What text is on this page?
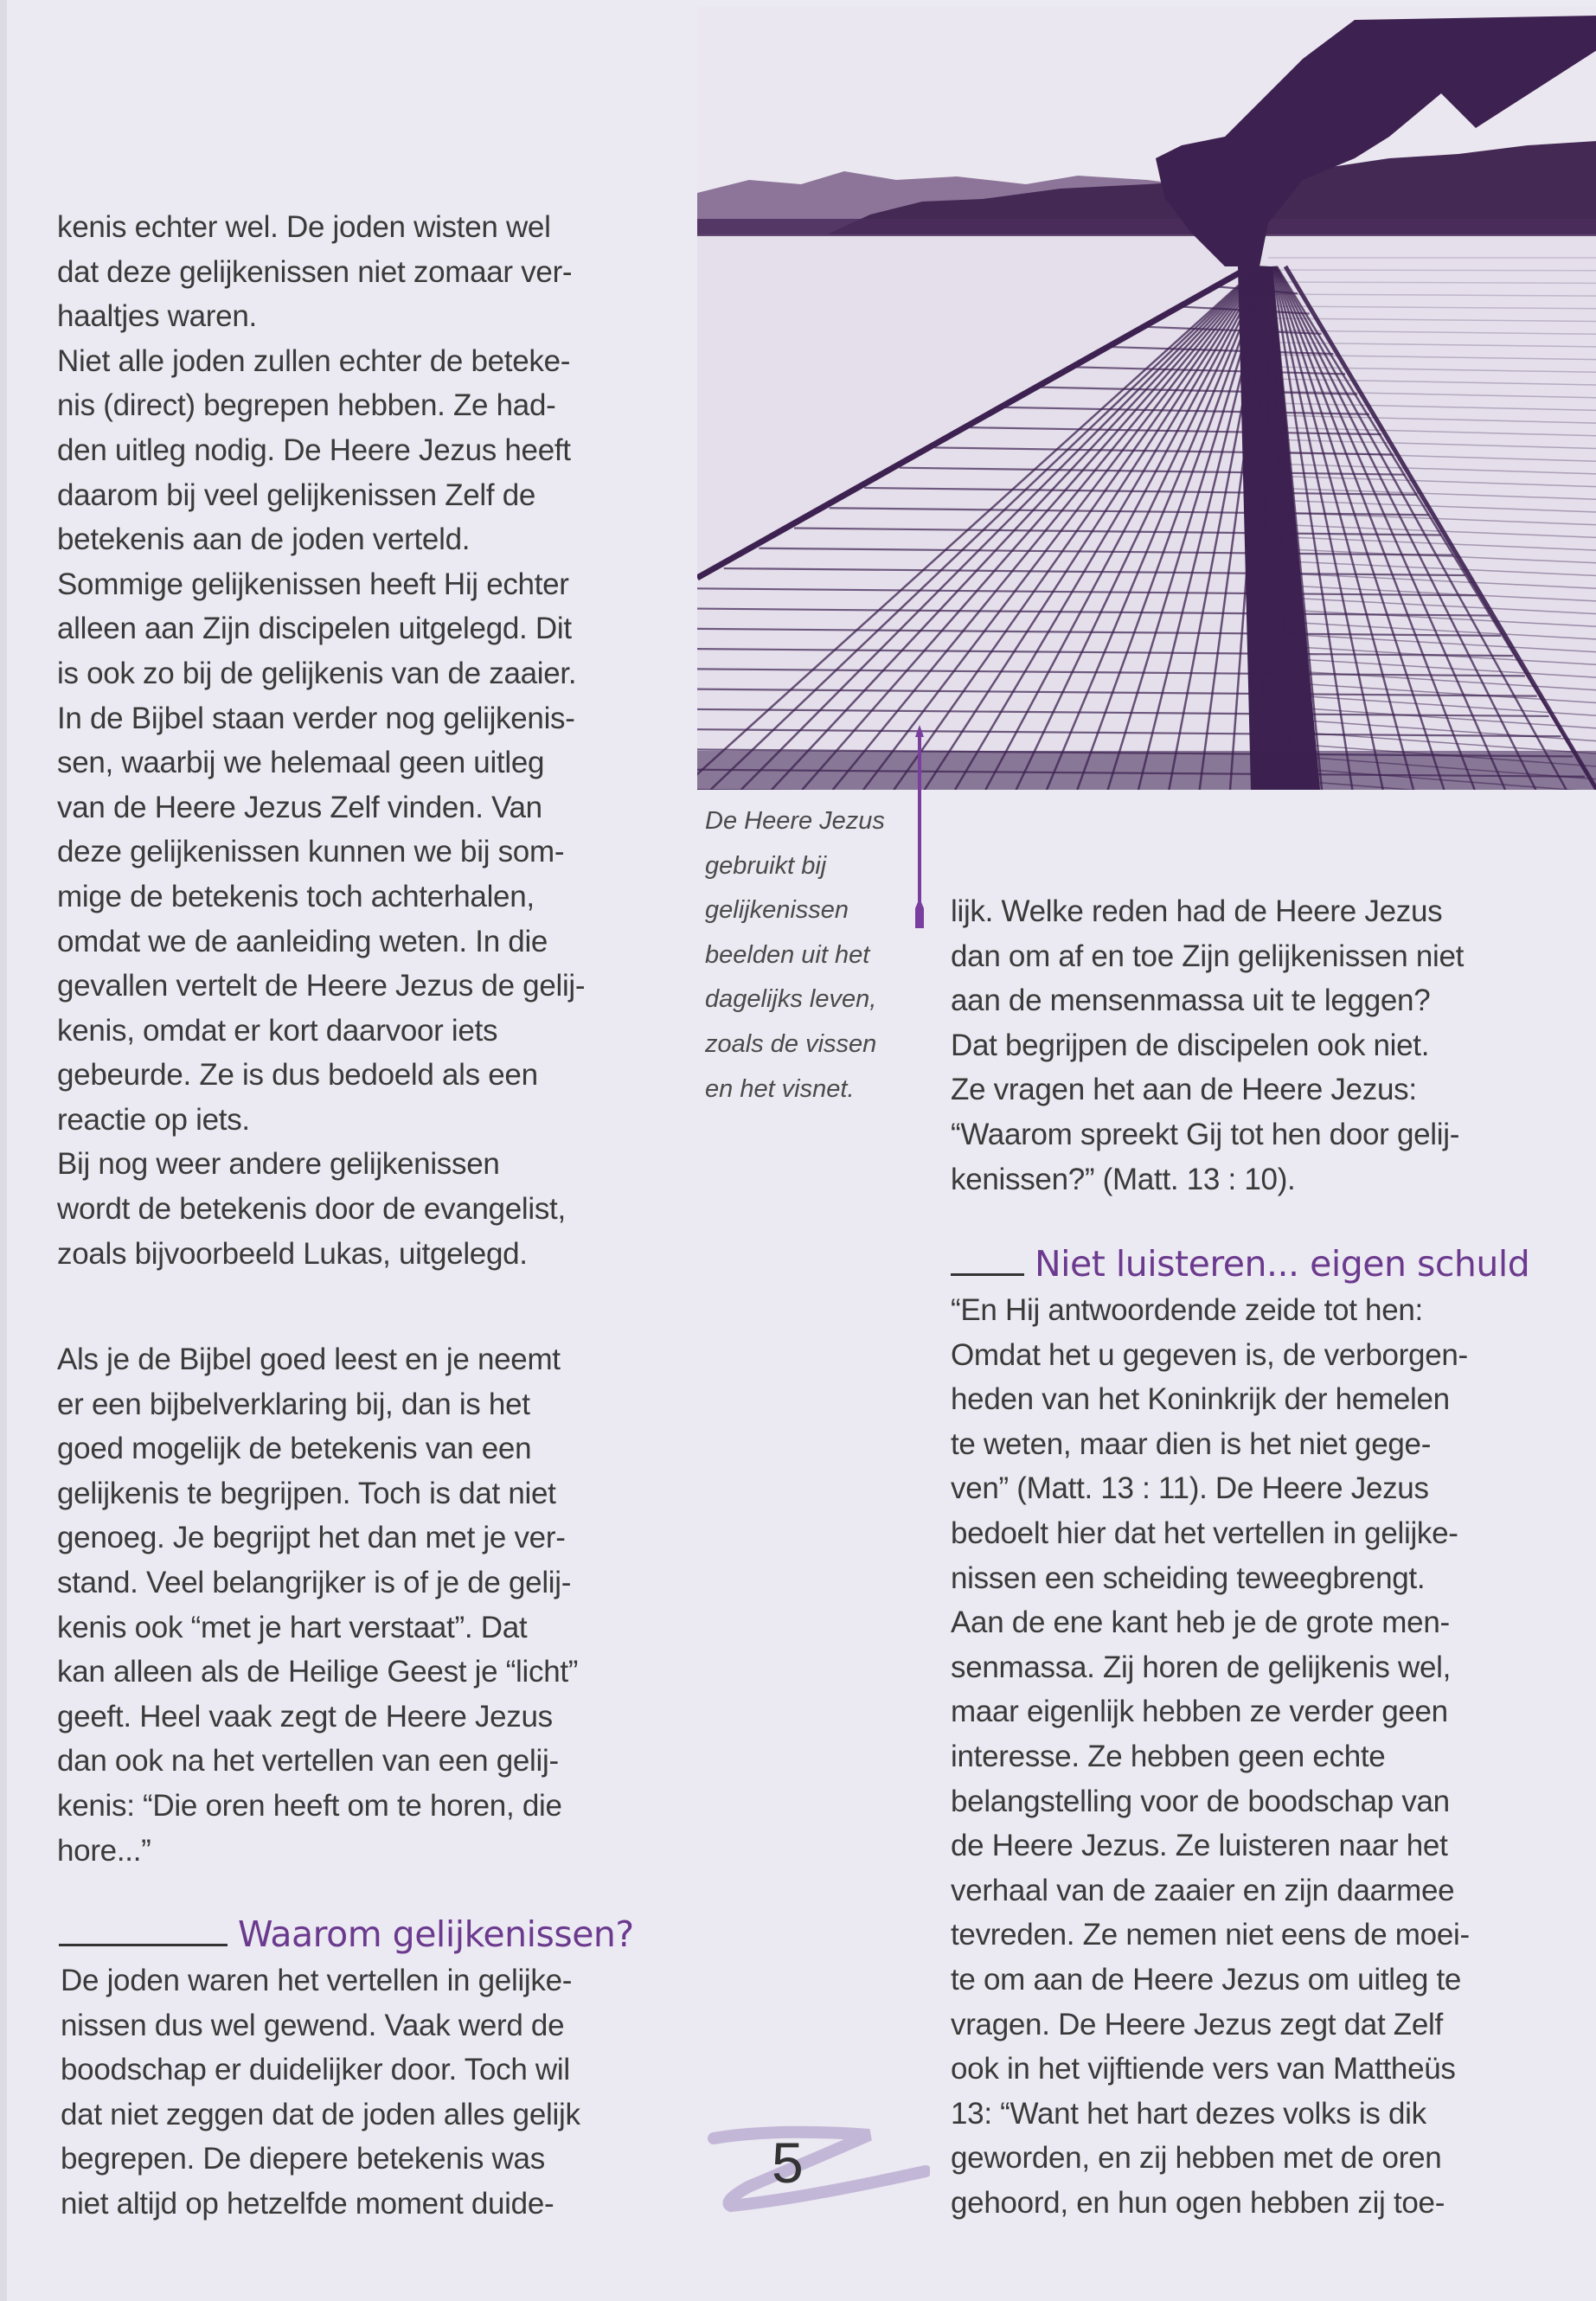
De Heere Jezus
gebruikt bij
gelijkenissen
beelden uit het
dagelijks leven,
zoals de vissen
en het visnet.
kenis echter wel. De joden wisten wel
dat deze gelijkenissen niet zomaar ver-
haaltjes waren.
Niet alle joden zullen echter de beteke-
nis (direct) begrepen hebben. Ze had-
den uitleg nodig. De Heere Jezus heeft
daarom bij veel gelijkenissen Zelf de
betekenis aan de joden verteld.
Sommige gelijkenissen heeft Hij echter
alleen aan Zijn discipelen uitgelegd. Dit
is ook zo bij de gelijkenis van de zaaier.
In de Bijbel staan verder nog gelijkenis-
sen, waarbij we helemaal geen uitleg
van de Heere Jezus Zelf vinden. Van
deze gelijkenissen kunnen we bij som-
mige de betekenis toch achterhalen,
omdat we de aanleiding weten. In die
gevallen vertelt de Heere Jezus de gelij-
kenis, omdat er kort daarvoor iets
gebeurde. Ze is dus bedoeld als een
reactie op iets.
Bij nog weer andere gelijkenissen
wordt de betekenis door de evangelist,
zoals bijvoorbeeld Lukas, uitgelegd.
Als je de Bijbel goed leest en je neemt
er een bijbelverklaring bij, dan is het
goed mogelijk de betekenis van een
gelijkenis te begrijpen. Toch is dat niet
genoeg. Je begrijpt het dan met je ver-
stand. Veel belangrijker is of je de gelij-
kenis ook “met je hart verstaat”. Dat
kan alleen als de Heilige Geest je “licht”
geeft. Heel vaak zegt de Heere Jezus
dan ook na het vertellen van een gelij-
kenis: “Die oren heeft om te horen, die
hore...”
Waarom gelijkenissen?
De joden waren het vertellen in gelijke-
nissen dus wel gewend. Vaak werd de
boodschap er duidelijker door. Toch wil
dat niet zeggen dat de joden alles gelijk
begrepen. De diepere betekenis was
niet altijd op hetzelfde moment duide-
lijk. Welke reden had de Heere Jezus
dan om af en toe Zijn gelijkenissen niet
aan de mensenmassa uit te leggen?
Dat begrijpen de discipelen ook niet.
Ze vragen het aan de Heere Jezus:
“Waarom spreekt Gij tot hen door gelij-
kenissen?” (Matt. 13 : 10).
Niet luisteren... eigen schuld
“En Hij antwoordende zeide tot hen:
Omdat het u gegeven is, de verborgen-
heden van het Koninkrijk der hemelen
te weten, maar dien is het niet gege-
ven” (Matt. 13 : 11). De Heere Jezus
bedoelt hier dat het vertellen in gelijke-
nissen een scheiding teweegbrengt.
Aan de ene kant heb je de grote men-
senmassa. Zij horen de gelijkenis wel,
maar eigenlijk hebben ze verder geen
interesse. Ze hebben geen echte
belangstelling voor de boodschap van
de Heere Jezus. Ze luisteren naar het
verhaal van de zaaier en zijn daarmee
tevreden. Ze nemen niet eens de moei-
te om aan de Heere Jezus om uitleg te
vragen. De Heere Jezus zegt dat Zelf
ook in het vijftiende vers van Mattheüs
13: “Want het hart dezes volks is dik
geworden, en zij hebben met de oren
gehoord, en hun ogen hebben zij toe-
5
